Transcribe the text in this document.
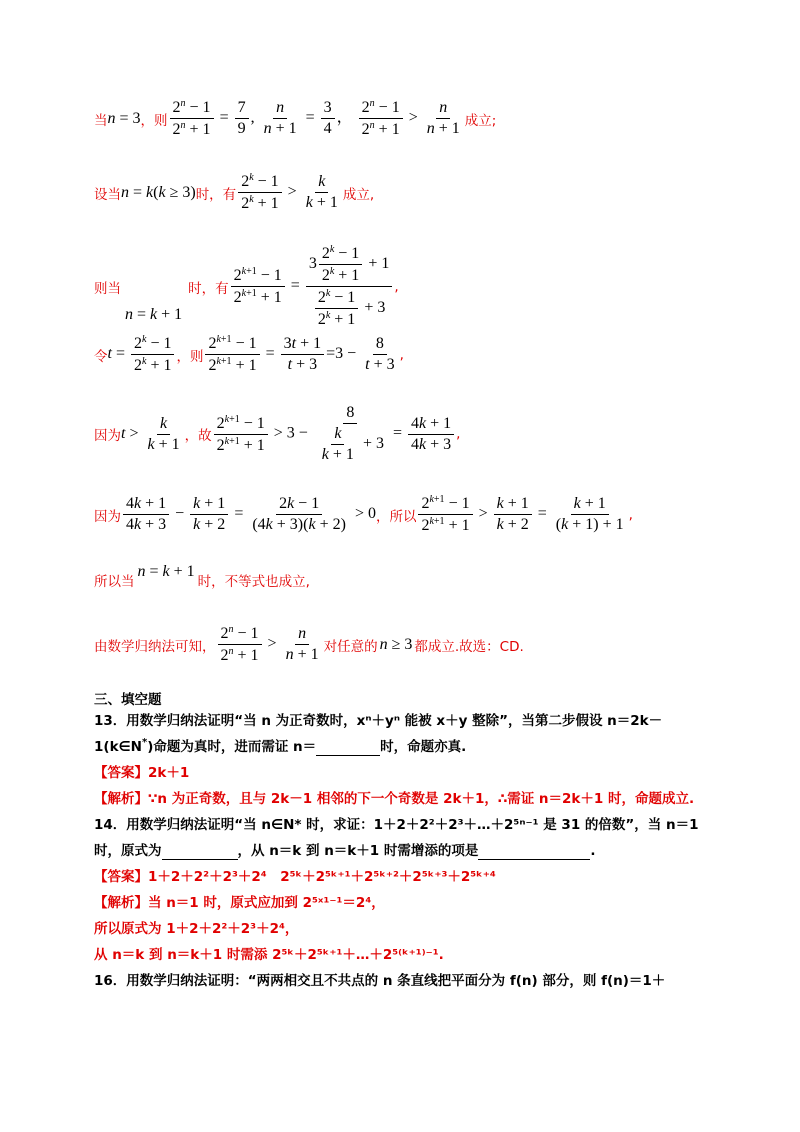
当 n = 3 ，则 $\frac{2^n - 1}{2^n + 1} = \frac{7}{9}$ , $\frac{n}{n + 1} = \frac{3}{4}$ ， $\frac{2^n - 1}{2^n + 1} > \frac{n}{n + 1}$ 成立;
设当 n = k(k ≥ 3) 时，有 $\frac{2^k - 1}{2^k + 1} > \frac{k}{k + 1}$ 成立,
则当
n = k + 1
时，有 $\frac{2^{k+1} - 1}{2^{k+1} + 1} = \frac{3 \frac{2^k - 1}{2^k + 1} + 1}{\frac{2^k - 1}{2^k + 1} + 3}$ ,
令 $t = \frac{2^k - 1}{2^k + 1}$ ，则 $\frac{2^{k+1} - 1}{2^{k+1} + 1} = \frac{3t + 1}{t + 3} =3 - \frac{8}{t + 3}$ ,
因为 $t > \frac{k}{k + 1}$ ，故 $\frac{2^{k+1} - 1}{2^{k+1} + 1} > 3 - \frac{8}{\frac{k}{k + 1} + 3} = \frac{4k + 1}{4k + 3}$ ,
因为 $\frac{4k + 1}{4k + 3} - \frac{k + 1}{k + 2} = \frac{2k - 1}{(4k + 3)(k + 2)} > 0$ ，所以 $\frac{2^{k+1} - 1}{2^{k+1} + 1} > \frac{k + 1}{k + 2} = \frac{k + 1}{(k + 1) + 1}$ ,
所以当
n = k + 1
时，不等式也成立,
由数学归纳法可知， $\frac{2^n - 1}{2^n + 1} > \frac{n}{n + 1}$ 对任意的 n ≥ 3 都成立.故选：CD.
三、填空题
13．用数学归纳法证明“当 n 为正奇数时，xⁿ＋yⁿ 能被 x＋y 整除”，当第二步假设 n＝2k－
1(k∈N*)命题为真时，进而需证 n＝	时，命题亦真.
【答案】2k＋1
【解析】∵n 为正奇数，且与 2k－1 相邻的下一个奇数是 2k＋1，∴需证 n＝2k＋1 时，命题成立.
14．用数学归纳法证明“当 n∈N* 时，求证：1＋2＋2²＋2³＋…＋2⁵ⁿ⁻¹ 是 31 的倍数”，当 n＝1
时，原式为	，从 n＝k 到 n＝k＋1 时需增添的项是	.
【答案】1＋2＋2²＋2³＋2⁴　2⁵ᵏ＋2⁵ᵏ⁺¹＋2⁵ᵏ⁺²＋2⁵ᵏ⁺³＋2⁵ᵏ⁺⁴
【解析】当 n＝1 时，原式应加到 2⁵ˣ¹⁻¹＝2⁴，
所以原式为 1＋2＋2²＋2³＋2⁴，
从 n＝k 到 n＝k＋1 时需添 2⁵ᵏ＋2⁵ᵏ⁺¹＋…＋2⁵⁽ᵏ⁺¹⁾⁻¹.
16．用数学归纳法证明：“两两相交且不共点的 n 条直线把平面分为 f(n) 部分，则 f(n)＝1＋
